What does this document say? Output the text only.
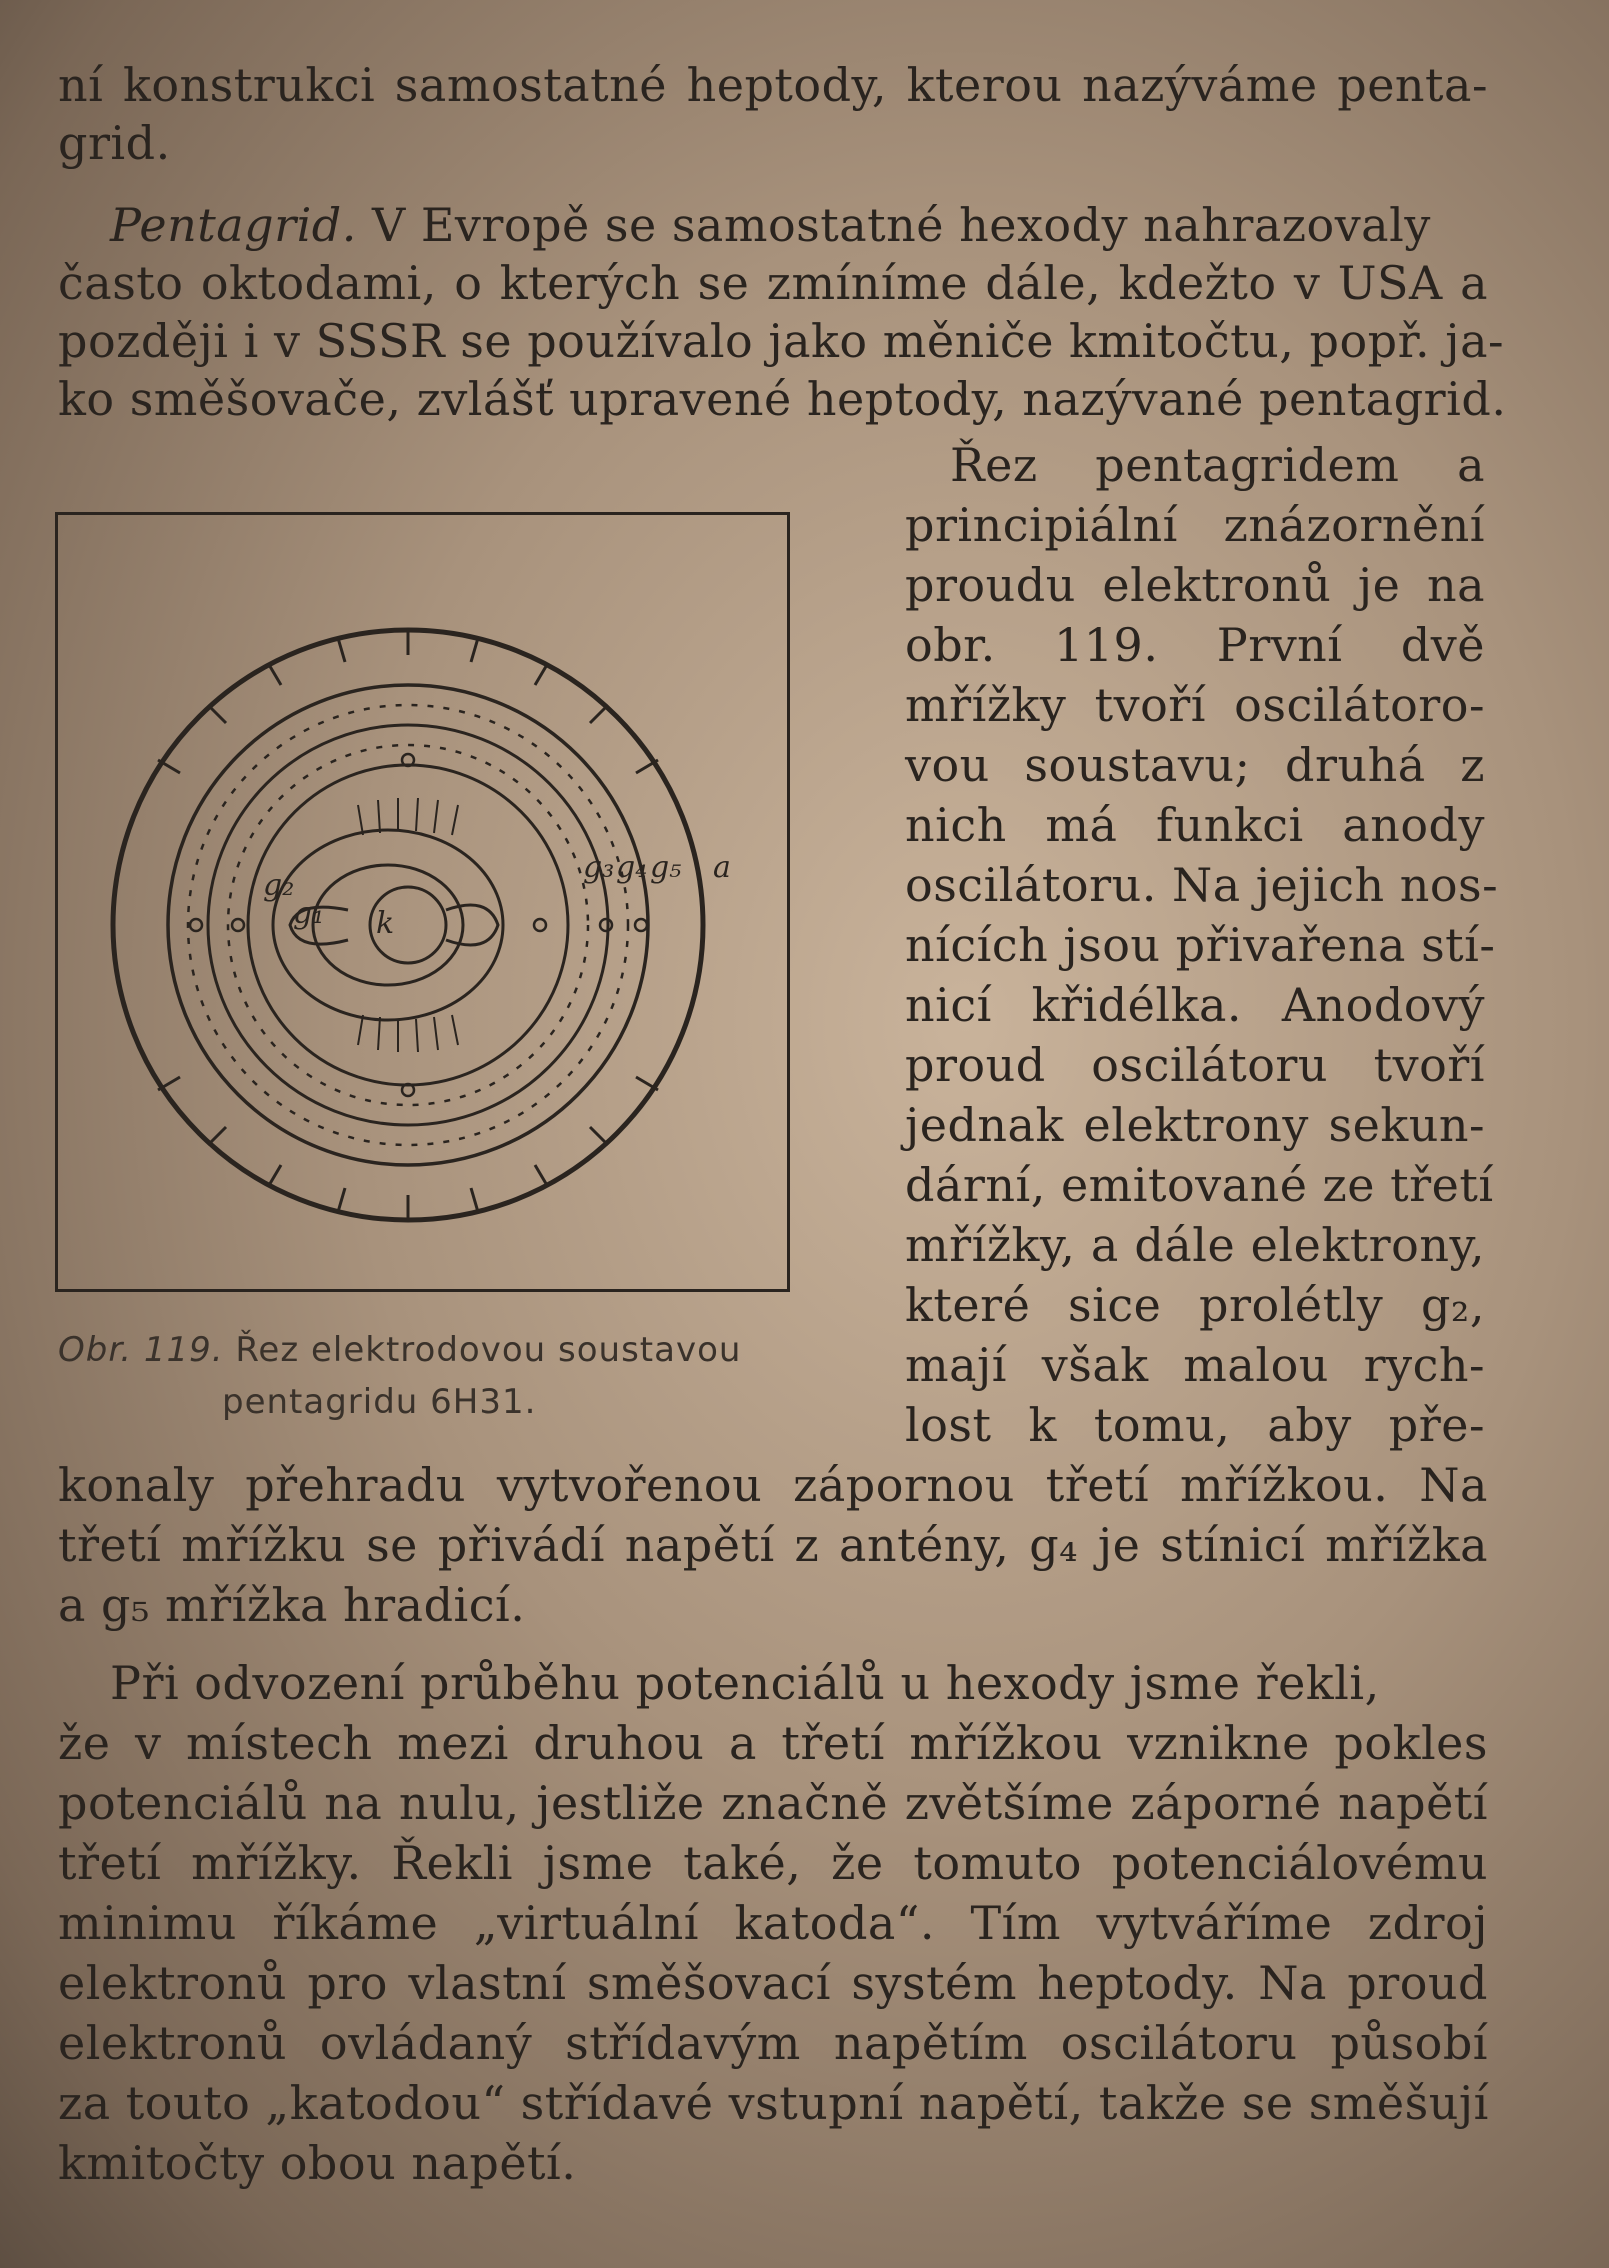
ní konstrukci samostatné heptody, kterou nazýváme penta-
grid.
Pentagrid. V Evropě se samostatné hexody nahrazovaly
často oktodami, o kterých se zmíníme dále, kdežto v USA a
později i v SSSR se používalo jako měniče kmitočtu, popř. ja-
ko směšovače, zvlášť upravené heptody, nazývané pentagrid.
Řez pentagridem a
principiální znázornění
proudu elektronů je na
obr. 119. První dvě
mřížky tvoří oscilátoro-
vou soustavu; druhá z
nich má funkci anody
oscilátoru. Na jejich nos-
nících jsou přivařena stí-
nicí křidélka. Anodový
proud oscilátoru tvoří
jednak elektrony sekun-
dární, emitované ze třetí
mřížky, a dále elektrony,
které sice prolétly g₂,
mají však malou rych-
lost k tomu, aby pře-
g₃ g₄ g₅ a
g₂
g₁ k
Obr. 119. Řez elektrodovou soustavou
pentagridu 6H31.
konaly přehradu vytvořenou zápornou třetí mřížkou. Na
třetí mřížku se přivádí napětí z antény, g₄ je stínicí mřížka
a g₅ mřížka hradicí.
Při odvození průběhu potenciálů u hexody jsme řekli,
že v místech mezi druhou a třetí mřížkou vznikne pokles
potenciálů na nulu, jestliže značně zvětšíme záporné napětí
třetí mřížky. Řekli jsme také, že tomuto potenciálovému
minimu říkáme „virtuální katoda“. Tím vytváříme zdroj
elektronů pro vlastní směšovací systém heptody. Na proud
elektronů ovládaný střídavým napětím oscilátoru působí
za touto „katodou“ střídavé vstupní napětí, takže se směšují
kmitočty obou napětí.
